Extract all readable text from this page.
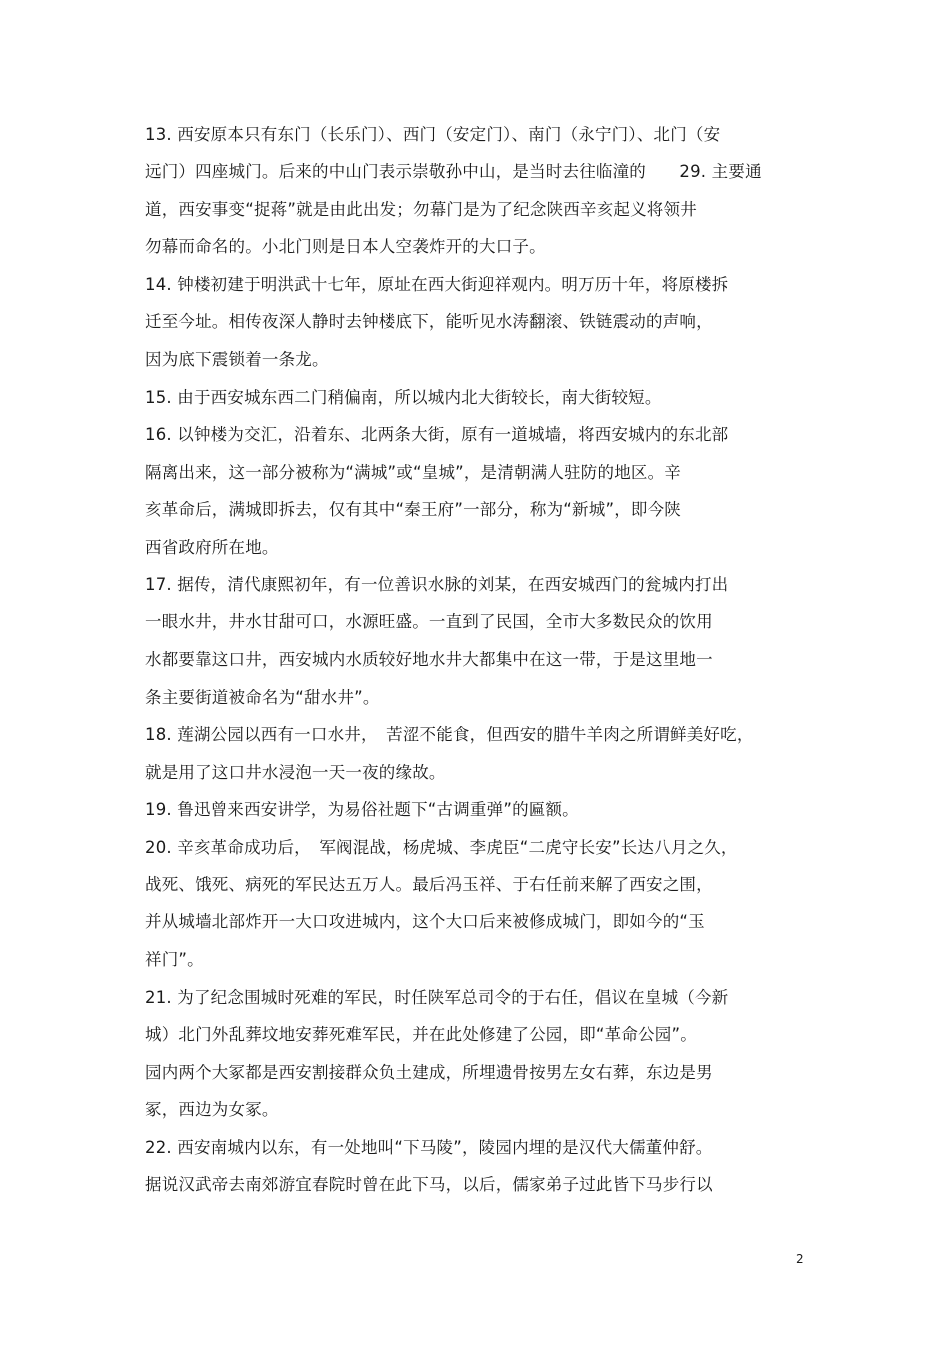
13. 西安原本只有东门（长乐门）、西门（安定门）、南门（永宁门）、北门（安
远门）四座城门。后来的中山门表示崇敬孙中山，是当时去往临潼的　　29. 主要通
道，西安事变“捉蒋”就是由此出发；勿幕门是为了纪念陕西辛亥起义将领井
勿幕而命名的。小北门则是日本人空袭炸开的大口子。
14. 钟楼初建于明洪武十七年，原址在西大街迎祥观内。明万历十年，将原楼拆
迁至今址。相传夜深人静时去钟楼底下，能听见水涛翻滚、铁链震动的声响，
因为底下震锁着一条龙。
15. 由于西安城东西二门稍偏南，所以城内北大街较长，南大街较短。
16. 以钟楼为交汇，沿着东、北两条大街，原有一道城墙，将西安城内的东北部
隔离出来，这一部分被称为“满城”或“皇城”，是清朝满人驻防的地区。辛
亥革命后，满城即拆去，仅有其中“秦王府”一部分，称为“新城”，即今陕
西省政府所在地。
17. 据传，清代康熙初年，有一位善识水脉的刘某，在西安城西门的瓮城内打出
一眼水井，井水甘甜可口，水源旺盛。一直到了民国，全市大多数民众的饮用
水都要靠这口井，西安城内水质较好地水井大都集中在这一带，于是这里地一
条主要街道被命名为“甜水井”。
18. 莲湖公园以西有一口水井，　苦涩不能食，但西安的腊牛羊肉之所谓鲜美好吃，
就是用了这口井水浸泡一天一夜的缘故。
19. 鲁迅曾来西安讲学，为易俗社题下“古调重弹”的匾额。
20. 辛亥革命成功后，　军阀混战，杨虎城、李虎臣“二虎守长安”长达八月之久，
战死、饿死、病死的军民达五万人。最后冯玉祥、于右任前来解了西安之围，
并从城墙北部炸开一大口攻进城内，这个大口后来被修成城门，即如今的“玉
祥门”。
21. 为了纪念围城时死难的军民，时任陕军总司令的于右任，倡议在皇城（今新
城）北门外乱葬坟地安葬死难军民，并在此处修建了公园，即“革命公园”。
园内两个大冢都是西安割接群众负土建成，所埋遗骨按男左女右葬，东边是男
冢，西边为女冢。
22. 西安南城内以东，有一处地叫“下马陵”，陵园内埋的是汉代大儒董仲舒。
据说汉武帝去南郊游宜春院时曾在此下马，以后，儒家弟子过此皆下马步行以
2
